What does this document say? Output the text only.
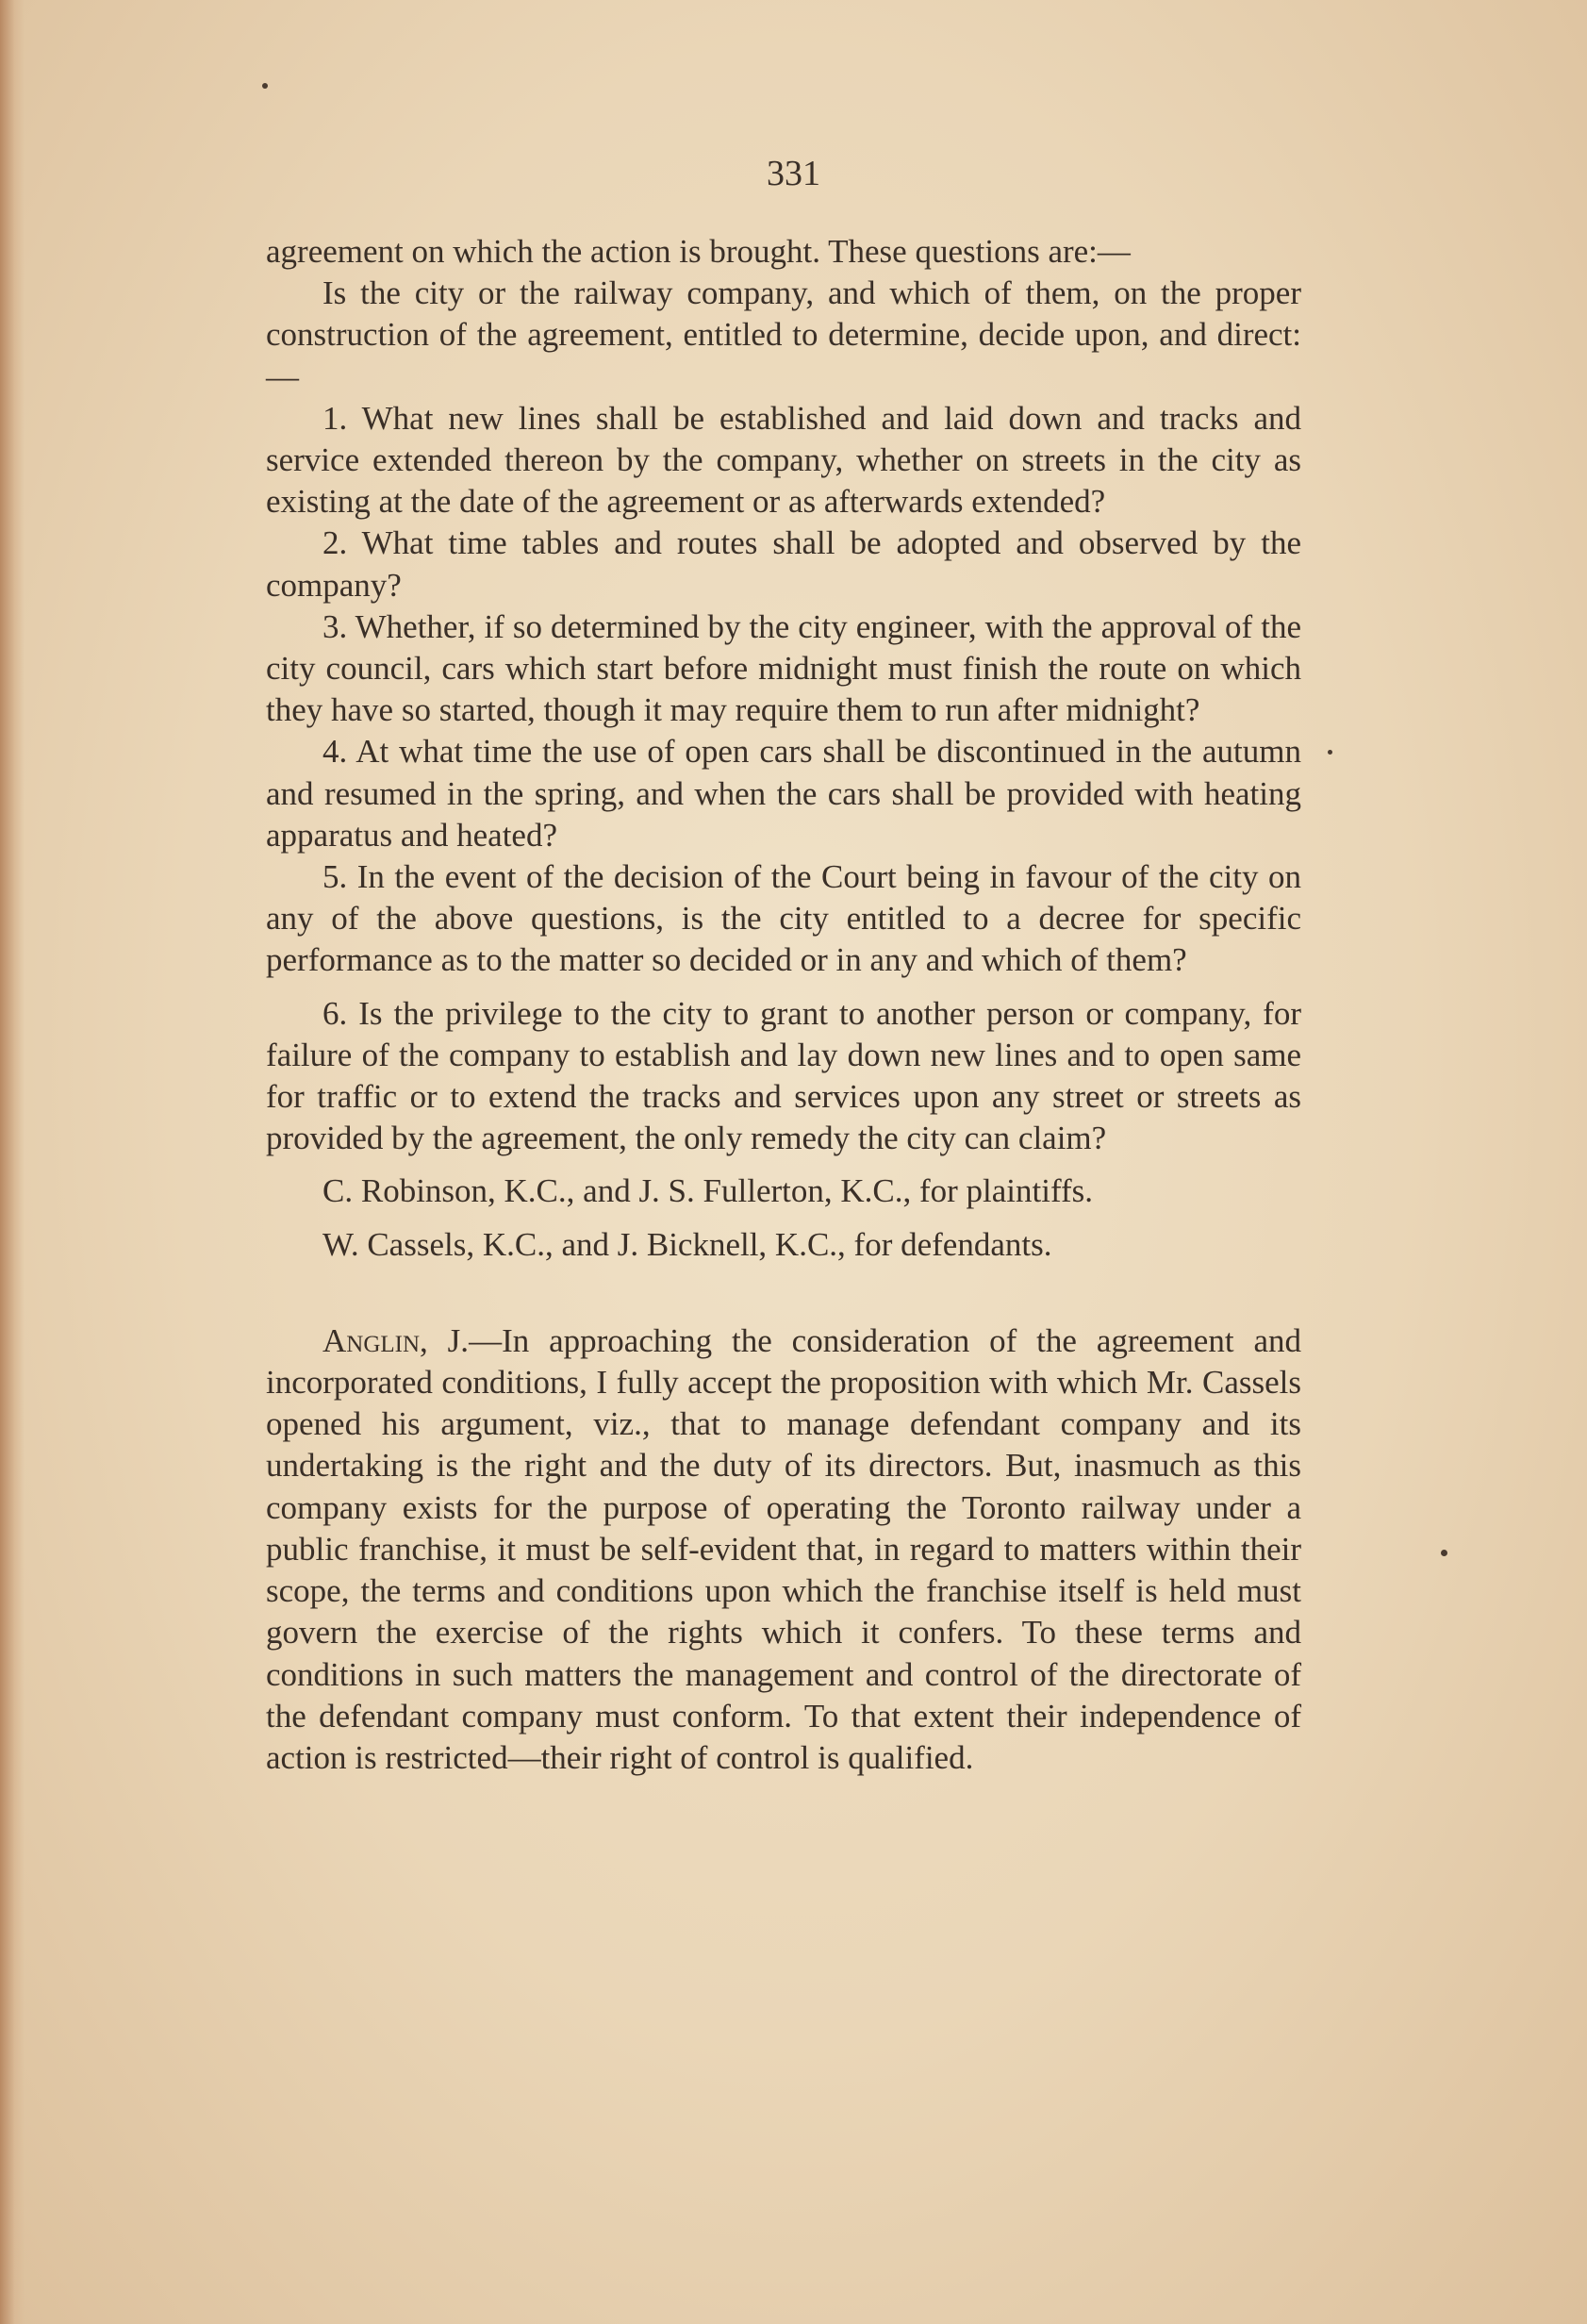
331

agreement on which the action is brought. These questions are:—

Is the city or the railway company, and which of them, on the proper construction of the agreement, entitled to determine, decide upon, and direct:—

1. What new lines shall be established and laid down and tracks and service extended thereon by the company, whether on streets in the city as existing at the date of the agreement or as afterwards extended?

2. What time tables and routes shall be adopted and observed by the company?

3. Whether, if so determined by the city engineer, with the approval of the city council, cars which start before midnight must finish the route on which they have so started, though it may require them to run after midnight?

4. At what time the use of open cars shall be discontinued in the autumn and resumed in the spring, and when the cars shall be provided with heating apparatus and heated?

5. In the event of the decision of the Court being in favour of the city on any of the above questions, is the city entitled to a decree for specific performance as to the matter so decided or in any and which of them?

6. Is the privilege to the city to grant to another person or company, for failure of the company to establish and lay down new lines and to open same for traffic or to extend the tracks and services upon any street or streets as provided by the agreement, the only remedy the city can claim?

C. Robinson, K.C., and J. S. Fullerton, K.C., for plaintiffs.

W. Cassels, K.C., and J. Bicknell, K.C., for defendants.

Anglin, J.—In approaching the consideration of the agreement and incorporated conditions, I fully accept the proposition with which Mr. Cassels opened his argument, viz., that to manage defendant company and its undertaking is the right and the duty of its directors. But, inasmuch as this company exists for the purpose of operating the Toronto railway under a public franchise, it must be self-evident that, in regard to matters within their scope, the terms and conditions upon which the franchise itself is held must govern the exercise of the rights which it confers. To these terms and conditions in such matters the management and control of the directorate of the defendant company must conform. To that extent their independence of action is restricted—their right of control is qualified.
